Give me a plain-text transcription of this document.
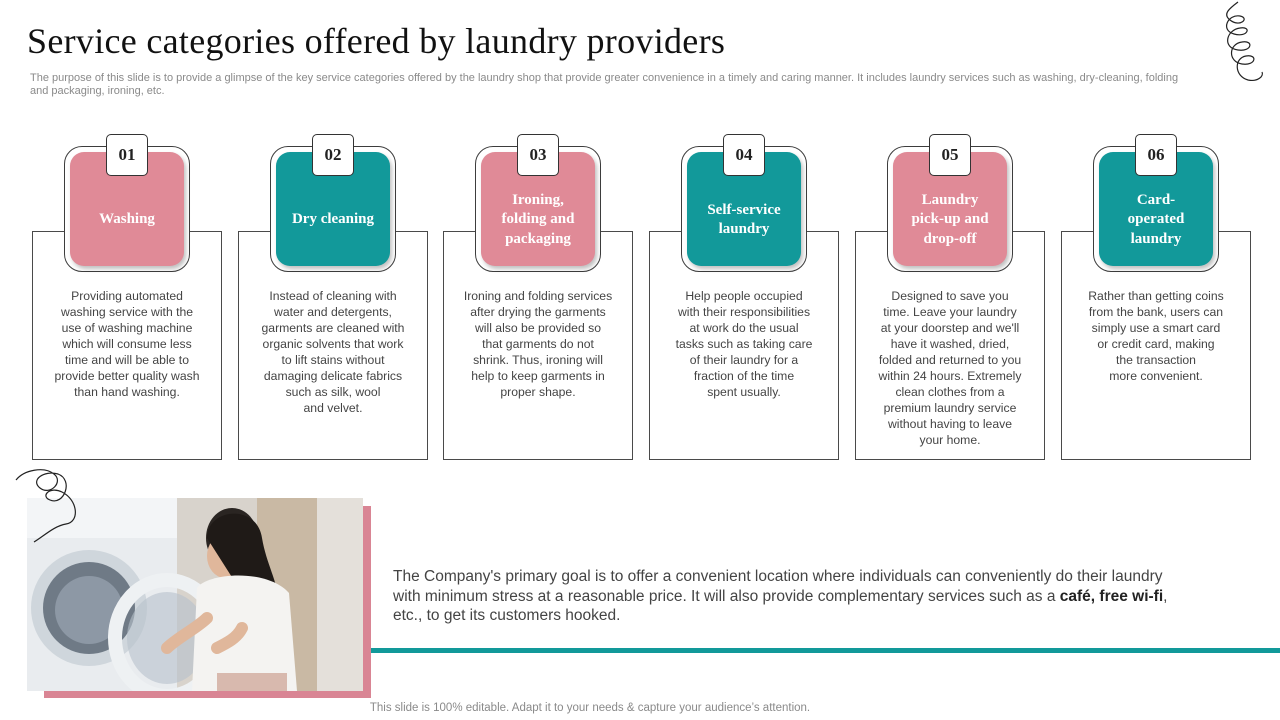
Service categories offered by laundry providers
The purpose of this slide is to provide a glimpse of the key service categories offered by the laundry shop that provide greater convenience in a timely and caring manner. It includes laundry services such as washing, dry-cleaning, folding and packaging, ironing, etc.
Providing automated
washing service with the
use of washing machine
which will consume less
time and will be able to
provide better quality wash
than hand washing.
Washing
01
Instead of cleaning with
water and detergents,
garments are cleaned with
organic solvents that work
to lift stains without
damaging delicate fabrics
such as silk, wool
and velvet.
Dry cleaning
02
Ironing and folding services
after drying the garments
will also be provided so
that garments do not
shrink. Thus, ironing will
help to keep garments in
proper shape.
Ironing,
folding and
packaging
03
Help people occupied
with their responsibilities
at work do the usual
tasks such as taking care
of their laundry for a
fraction of the time
spent usually.
Self-service
laundry
04
Designed to save you
time. Leave your laundry
at your doorstep and we'll
have it washed, dried,
folded and returned to you
within 24 hours. Extremely
clean clothes from a
premium laundry service
without having to leave
your home.
Laundry
pick-up and
drop-off
05
Rather than getting coins
from the bank, users can
simply use a smart card
or credit card, making
the transaction
more convenient.
Card-
operated
laundry
06
The Company's primary goal is to offer a convenient location where individuals can conveniently do their laundry with minimum stress at a reasonable price. It will also provide complementary services such as a café, free wi-fi, etc., to get its customers hooked.
This slide is 100% editable. Adapt it to your needs & capture your audience’s attention.
